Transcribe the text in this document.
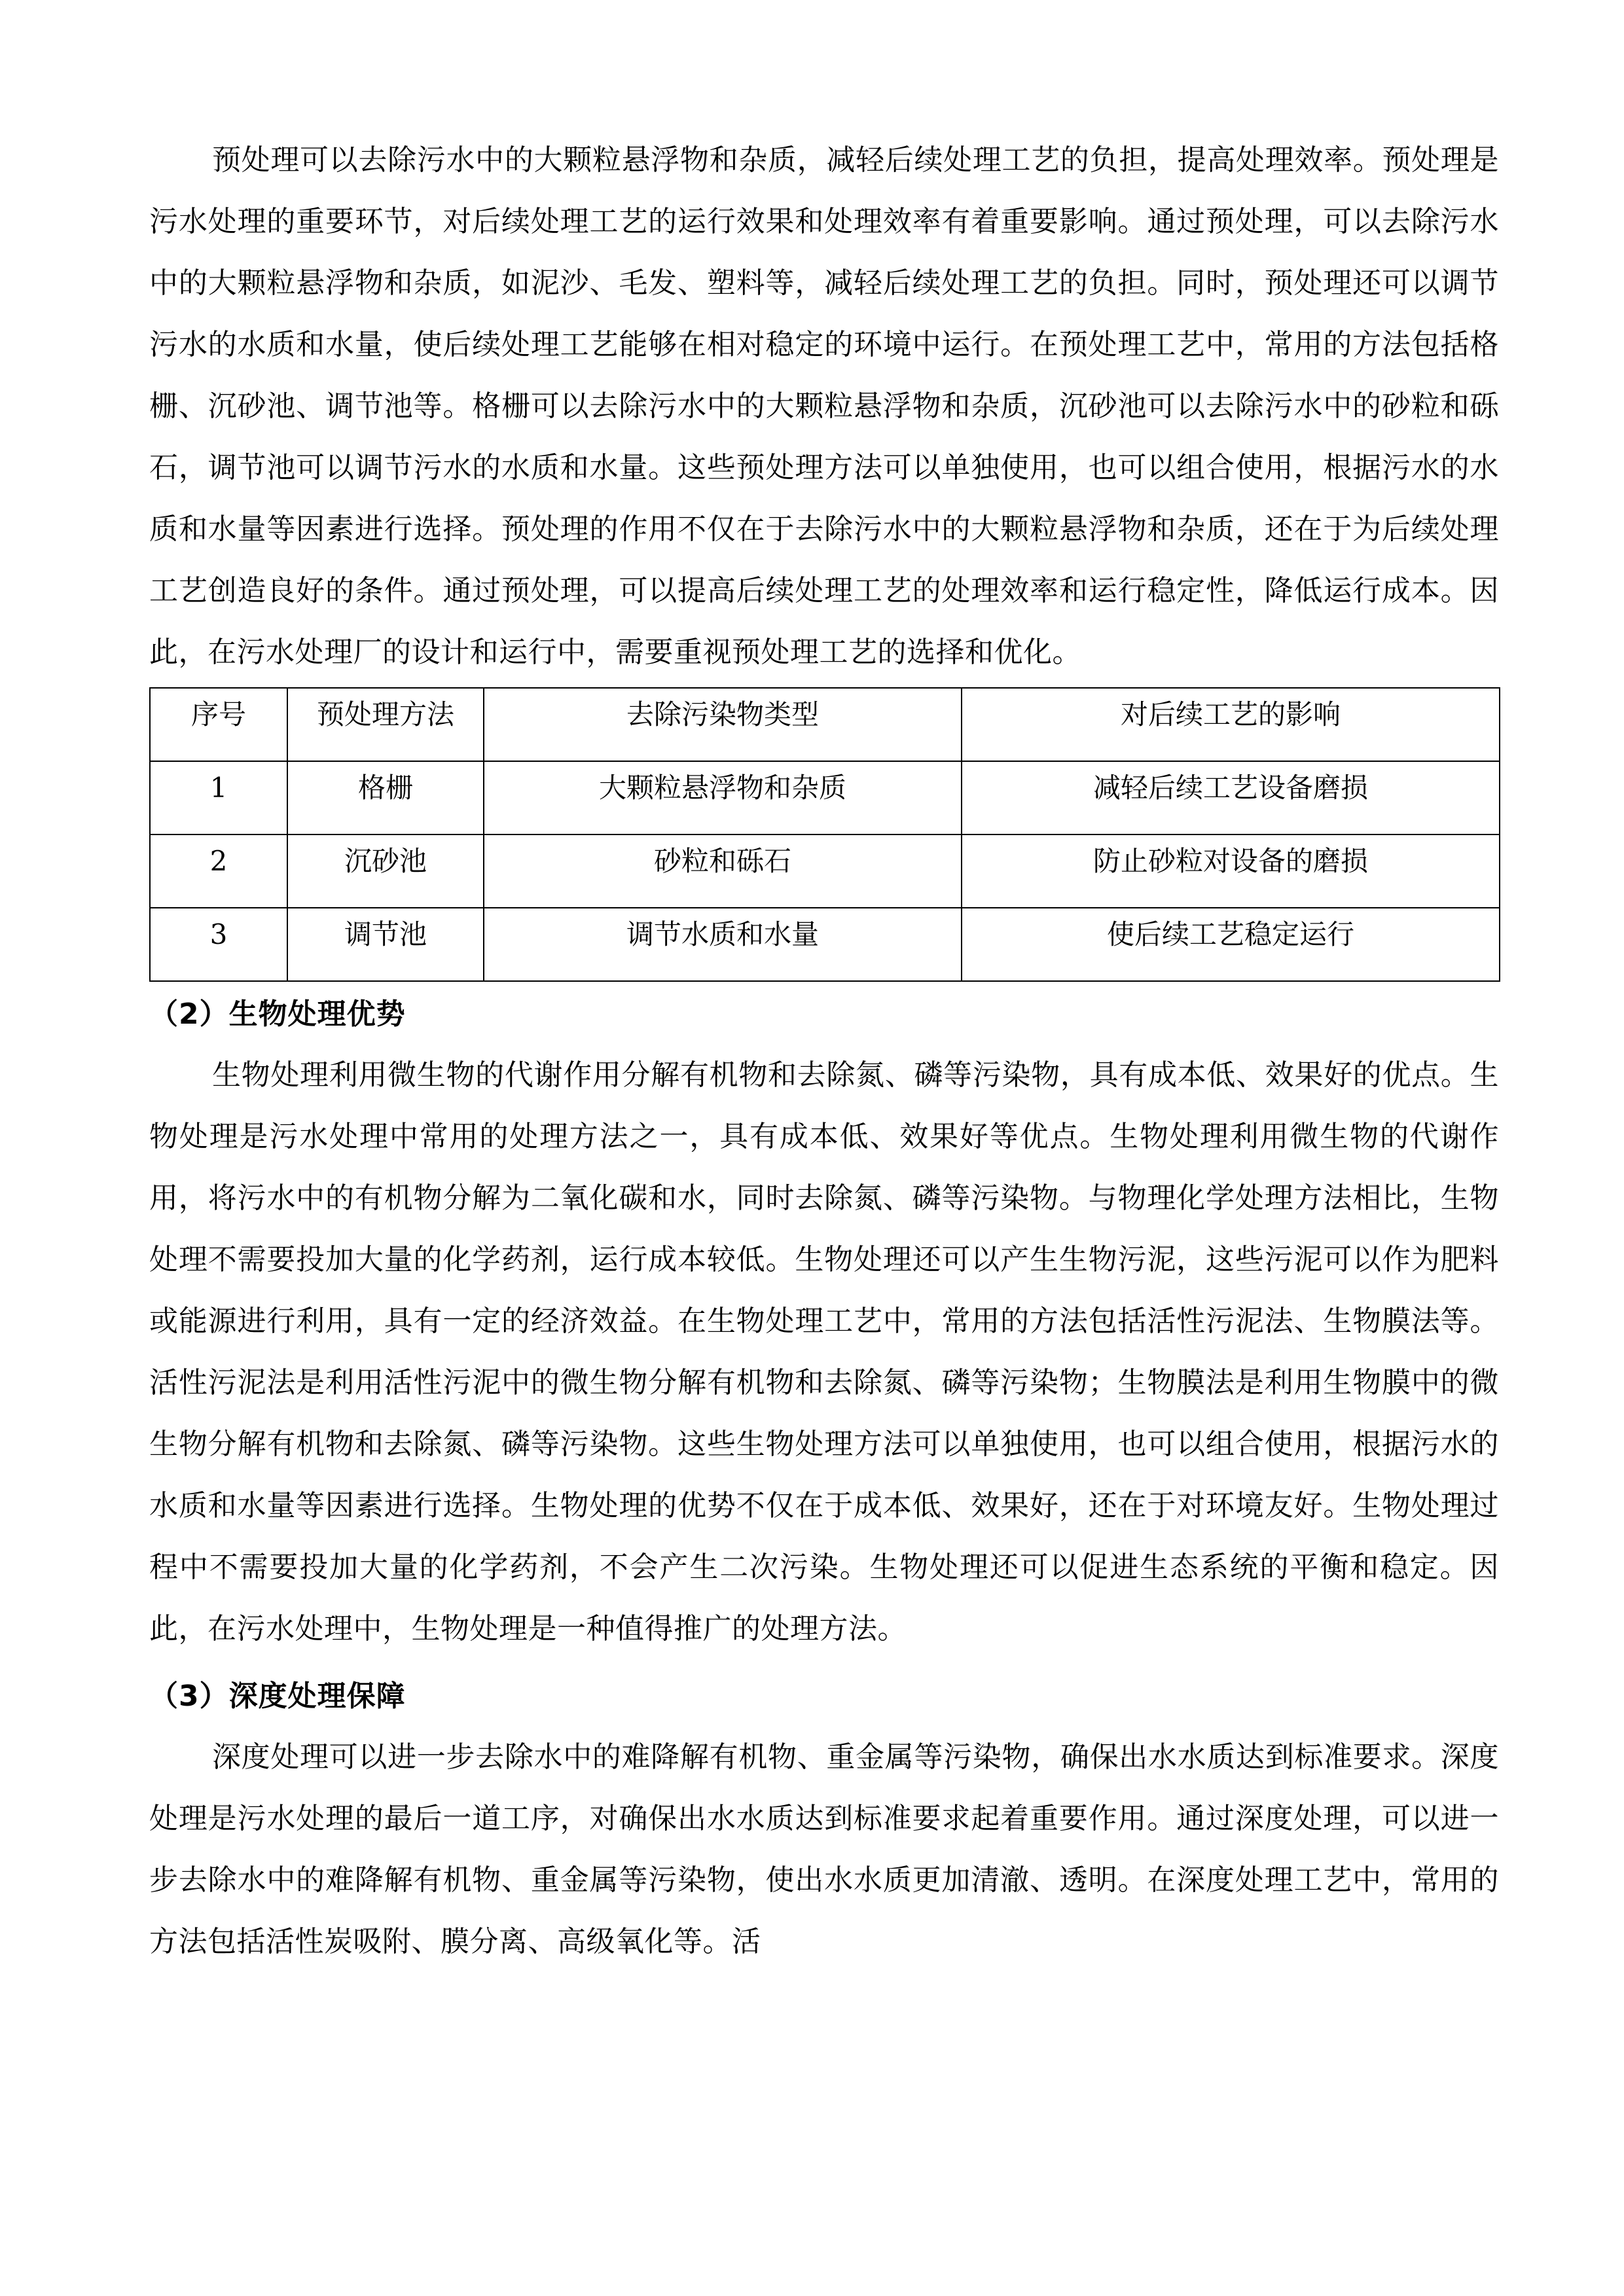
预处理可以去除污水中的大颗粒悬浮物和杂质，减轻后续处理工艺的负担，提高处理效率。预处理是污水处理的重要环节，对后续处理工艺的运行效果和处理效率有着重要影响。通过预处理，可以去除污水中的大颗粒悬浮物和杂质，如泥沙、毛发、塑料等，减轻后续处理工艺的负担。同时，预处理还可以调节污水的水质和水量，使后续处理工艺能够在相对稳定的环境中运行。在预处理工艺中，常用的方法包括格栅、沉砂池、调节池等。格栅可以去除污水中的大颗粒悬浮物和杂质，沉砂池可以去除污水中的砂粒和砾石，调节池可以调节污水的水质和水量。这些预处理方法可以单独使用，也可以组合使用，根据污水的水质和水量等因素进行选择。预处理的作用不仅在于去除污水中的大颗粒悬浮物和杂质，还在于为后续处理工艺创造良好的条件。通过预处理，可以提高后续处理工艺的处理效率和运行稳定性，降低运行成本。因此，在污水处理厂的设计和运行中，需要重视预处理工艺的选择和优化。

序号	预处理方法	去除污染物类型	对后续工艺的影响
1	格栅	大颗粒悬浮物和杂质	减轻后续工艺设备磨损
2	沉砂池	砂粒和砾石	防止砂粒对设备的磨损
3	调节池	调节水质和水量	使后续工艺稳定运行
（2）生物处理优势

生物处理利用微生物的代谢作用分解有机物和去除氮、磷等污染物，具有成本低、效果好的优点。生物处理是污水处理中常用的处理方法之一，具有成本低、效果好等优点。生物处理利用微生物的代谢作用，将污水中的有机物分解为二氧化碳和水，同时去除氮、磷等污染物。与物理化学处理方法相比，生物处理不需要投加大量的化学药剂，运行成本较低。生物处理还可以产生生物污泥，这些污泥可以作为肥料或能源进行利用，具有一定的经济效益。在生物处理工艺中，常用的方法包括活性污泥法、生物膜法等。活性污泥法是利用活性污泥中的微生物分解有机物和去除氮、磷等污染物；生物膜法是利用生物膜中的微生物分解有机物和去除氮、磷等污染物。这些生物处理方法可以单独使用，也可以组合使用，根据污水的水质和水量等因素进行选择。生物处理的优势不仅在于成本低、效果好，还在于对环境友好。生物处理过程中不需要投加大量的化学药剂，不会产生二次污染。生物处理还可以促进生态系统的平衡和稳定。因此，在污水处理中，生物处理是一种值得推广的处理方法。

（3）深度处理保障

深度处理可以进一步去除水中的难降解有机物、重金属等污染物，确保出水水质达到标准要求。深度处理是污水处理的最后一道工序，对确保出水水质达到标准要求起着重要作用。通过深度处理，可以进一步去除水中的难降解有机物、重金属等污染物，使出水水质更加清澈、透明。在深度处理工艺中，常用的方法包括活性炭吸附、膜分离、高级氧化等。活
